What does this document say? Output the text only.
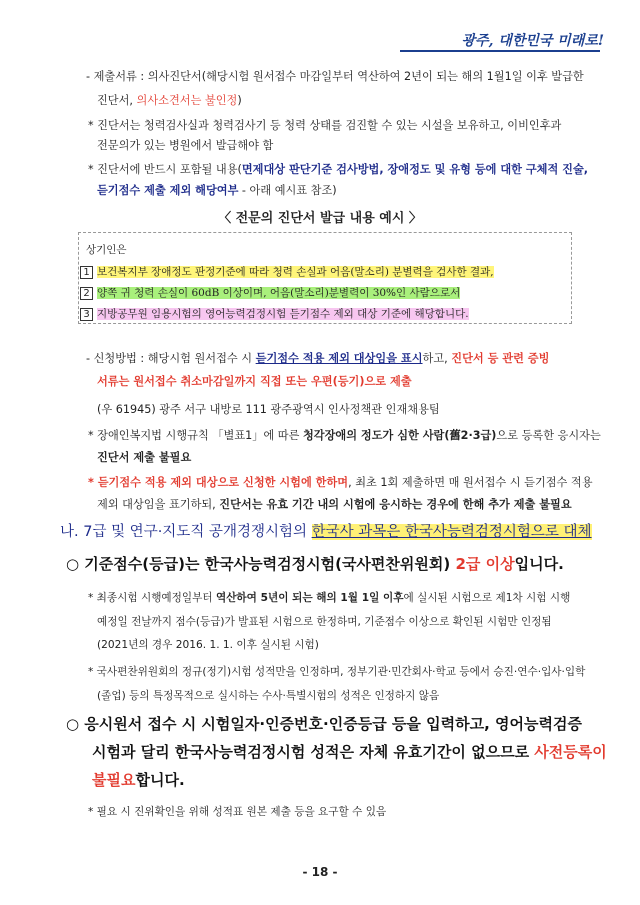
광주, 대한민국 미래로!
- 제출서류 : 의사진단서(해당시험 원서접수 마감일부터 역산하여 2년이 되는 해의 1월1일 이후 발급한
진단서, 의사소견서는 불인정)
* 진단서는 청력검사실과 청력검사기 등 청력 상태를 검진할 수 있는 시설을 보유하고, 이비인후과
전문의가 있는 병원에서 발급해야 함
* 진단서에 반드시 포함될 내용(면제대상 판단기준 검사방법, 장애정도 및 유형 등에 대한 구체적 진술,
듣기점수 제출 제외 해당여부 - 아래 예시표 참조)
〈 전문의 진단서 발급 내용 예시 〉
상기인은
1 보건복지부 장애정도 판정기준에 따라 청력 손실과 어음(말소리) 분별력을 검사한 결과,
2 양쪽 귀 청력 손실이 60dB 이상이며, 어음(말소리)분별력이 30%인 사람으로서
3 지방공무원 임용시험의 영어능력검정시험 듣기점수 제외 대상 기준에 해당합니다.
- 신청방법 : 해당시험 원서접수 시 듣기점수 적용 제외 대상임을 표시하고, 진단서 등 관련 증빙
서류는 원서접수 취소마감일까지 직접 또는 우편(등기)으로 제출
(우 61945) 광주 서구 내방로 111 광주광역시 인사정책관 인재채용팀
* 장애인복지법 시행규칙 「별표1」에 따른 청각장애의 정도가 심한 사람(舊2·3급)으로 등록한 응시자는
진단서 제출 불필요
* 듣기점수 적용 제외 대상으로 신청한 시험에 한하며, 최초 1회 제출하면 매 원서접수 시 듣기점수 적용
제외 대상임을 표기하되, 진단서는 유효 기간 내의 시험에 응시하는 경우에 한해 추가 제출 불필요
나. 7급 및 연구·지도직 공개경쟁시험의 한국사 과목은 한국사능력검정시험으로 대체
○ 기준점수(등급)는 한국사능력검정시험(국사편찬위원회) 2급 이상입니다.
* 최종시험 시행예정일부터 역산하여 5년이 되는 해의 1월 1일 이후에 실시된 시험으로 제1차 시험 시행
예정일 전날까지 점수(등급)가 발표된 시험으로 한정하며, 기준점수 이상으로 확인된 시험만 인정됨
(2021년의 경우 2016. 1. 1. 이후 실시된 시험)
* 국사편찬위원회의 정규(정기)시험 성적만을 인정하며, 정부기관·민간회사·학교 등에서 승진·연수·입사·입학
(졸업) 등의 특정목적으로 실시하는 수사·특별시험의 성적은 인정하지 않음
○ 응시원서 접수 시 시험일자·인증번호·인증등급 등을 입력하고, 영어능력검증
시험과 달리 한국사능력검정시험 성적은 자체 유효기간이 없으므로 사전등록이
불필요합니다.
* 필요 시 진위확인을 위해 성적표 원본 제출 등을 요구할 수 있음
- 18 -
